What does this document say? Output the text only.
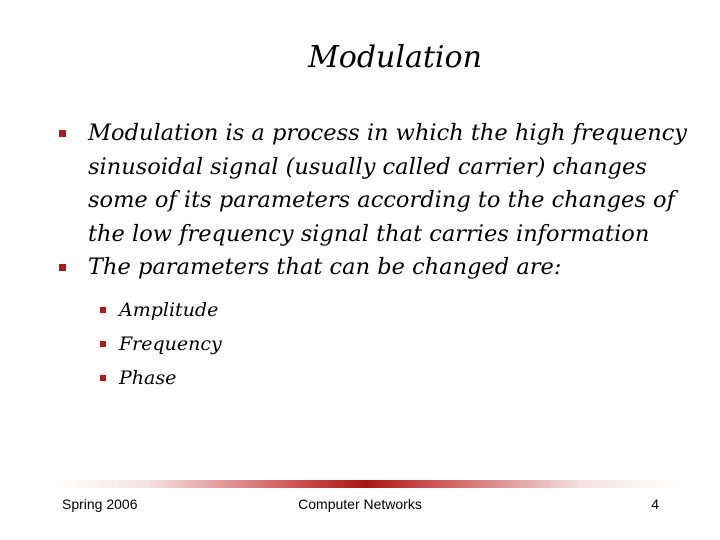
Modulation

Modulation is a process in which the high frequency sinusoidal signal (usually called carrier) changes some of its parameters according to the changes of the low frequency signal that carries information

The parameters that can be changed are:

Amplitude
Frequency
Phase
Spring 2006	Computer Networks	4
